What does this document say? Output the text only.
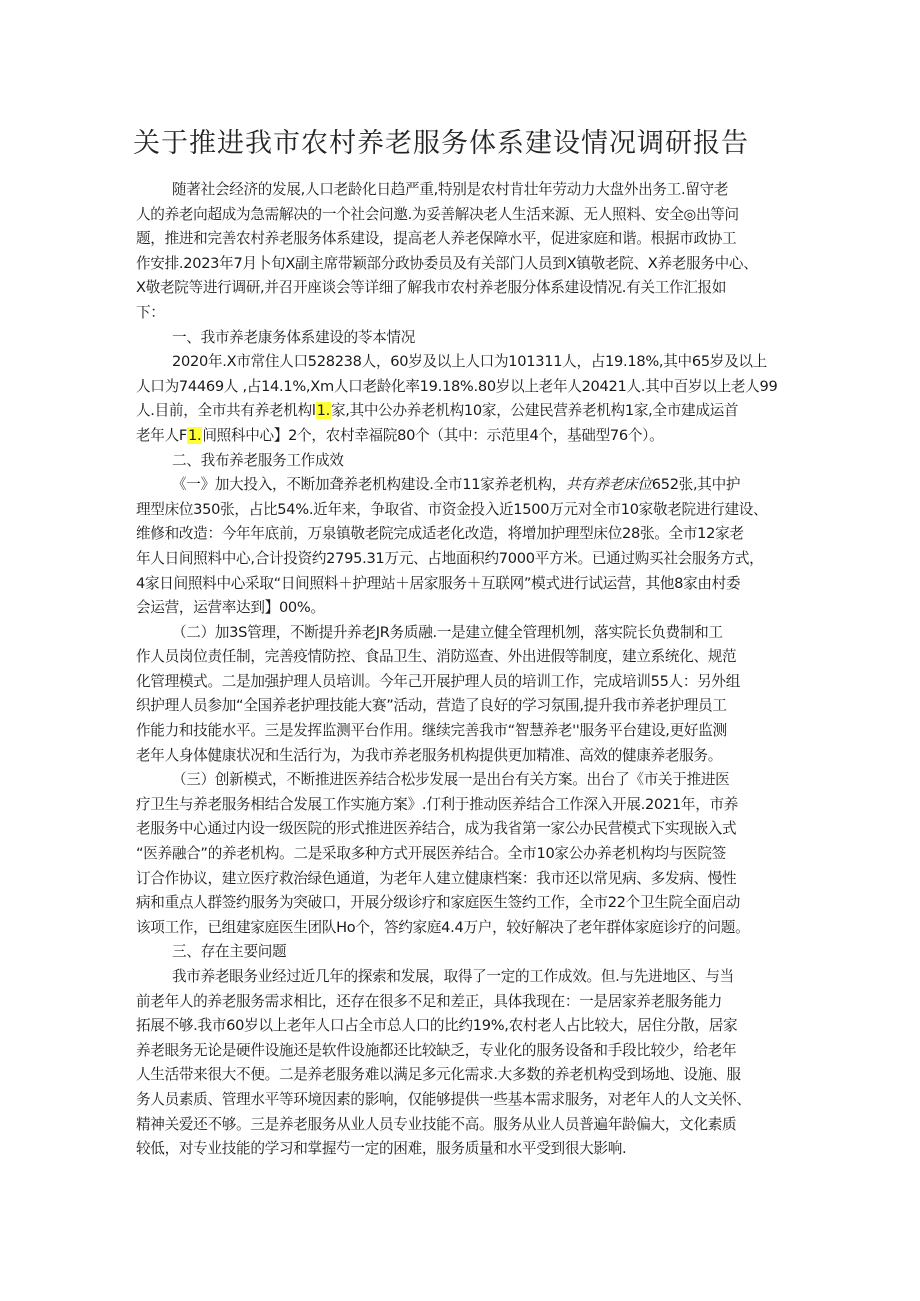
关于推进我市农村养老服务体系建设情况调研报告
随著社会经济的发展,人口老龄化日趋严重,特别是农村肯壮年劳动力大盘外出务工.留守老
人的养老向超成为急需解决的一个社会问邀.为妥善解决老人生活来源、无人照料、安全◎出等问
题，推进和完善农村养老服务体系建设，提高老人养老保障水平，促进家庭和谐。根据市政协工
作安排.2023年7月卜旬X副主席带颖部分政协委员及有关部门人员到X镇敬老院、X养老服务中心、
X敬老院等进行调研,并召开座谈会等详细了解我市农村养老服分体系建设情况.有关工作汇报如
下：
一、我市养老康务体系建设的苓本情况
2020年.X市常住人口528238人，60岁及以上人口为101311人，占19.18%,其中65岁及以上
人口为74469人 ,占14.1%,Xm人口老龄化率19.18%.80岁以上老年人20421人.其中百岁以上老人99
人.目前，全市共有养老机构l1.家,其中公办养老机构10家，公建民营养老机构1家,全市建成运首
老年人F1.间照科中心】2个，农村幸福院80个（其中：示范里4个，基础型76个）。
二、我布养老服务工作成效
《一》加大投入，不断加聋养老机构建设.全市11家养老机构，共有养老床位652张,其中护
理型床位350张，占比54%.近年来，争取省、市资金投入近1500万元对全市10家敬老院进行建设、
维修和改造：今年年底前，万泉镇敬老院完成适老化改造，将增加护理型床位28张。全市12家老
年人日间照料中心,合计投资约2795.31万元、占地面积约7000平方米。已通过购买社会服务方式，
4家日间照料中心采取“日间照料＋护理站＋居家服务＋互联网”模式进行试运营，其他8家由村委
会运营，运营率达到】00%。
（二）加3S管理，不断提升养老JR务质融.一是建立健全管理机刎，落实院长负费制和工
作人员岗位责任制，完善疫情防控、食品卫生、消防巡查、外出进假等制度，建立系统化、规范
化管理模式。二是加强护理人员培训。今年己开展护理人员的培训工作，完成培训55人：另外组
织护理人员参加“全国养老护理技能大赛”活动，营造了良好的学习氛围,提升我市养老护理员工
作能力和技能水平。三是发挥监测平台作用。继续完善我市“智慧养老''服务平台建设,更好监测
老年人身体健康状况和生活行为，为我市养老服务机构提供更加精准、高效的健康养老服务。
（三）创新模式，不断推进医养结合松步发展一是出台有关方案。出台了《市关于推进医
疗卫生与养老服务相结合发展工作实施方案》.仃利于推动医养结合工作深入开展.2021年，市养
老服务中心通过内设一级医院的形式推进医养结合，成为我省第一家公办民营模式下实现嵌入式
“医养融合”的养老机构。二是采取多种方式开展医养结合。全市10家公办养老机构均与医院签
订合作协议，建立医疗救治绿色通道，为老年人建立健康档案：我市还以常见病、多发病、慢性
病和重点人群签约服务为突破口，开展分级诊疗和家庭医生签约工作，全市22个卫生院全面启动
该项工作，已组建家庭医生团队Ho个，答约家庭4.4万户，较好解决了老年群体家庭诊疗的问题。
三、存在主要问题
我市养老眼务业经过近几年的探索和发展，取得了一定的工作成效。但.与先进地区、与当
前老年人的养老服务需求相比，还存在很多不足和差正，具体我现在：一是居家养老服务能力
拓展不够.我市60岁以上老年人口占全市总人口的比约19%,农村老人占比较大，居住分散，居家
养老眼务无论是硬件设施还是软件设施都还比较缺乏，专业化的服务设备和手段比较少，给老年
人生活带来很大不便。二是养老服务难以满足多元化需求.大多数的养老机构受到场地、设施、服
务人员素质、管理水平等环境因素的影响，仅能够提供一些基本需求服务，对老年人的人文关怀、
精神关爱还不够。三是养老服务从业人员专业技能不高。服务从业人员普遍年龄偏大，文化素质
较低，对专业技能的学习和掌握芍一定的困难，服务质量和水平受到很大影响.
